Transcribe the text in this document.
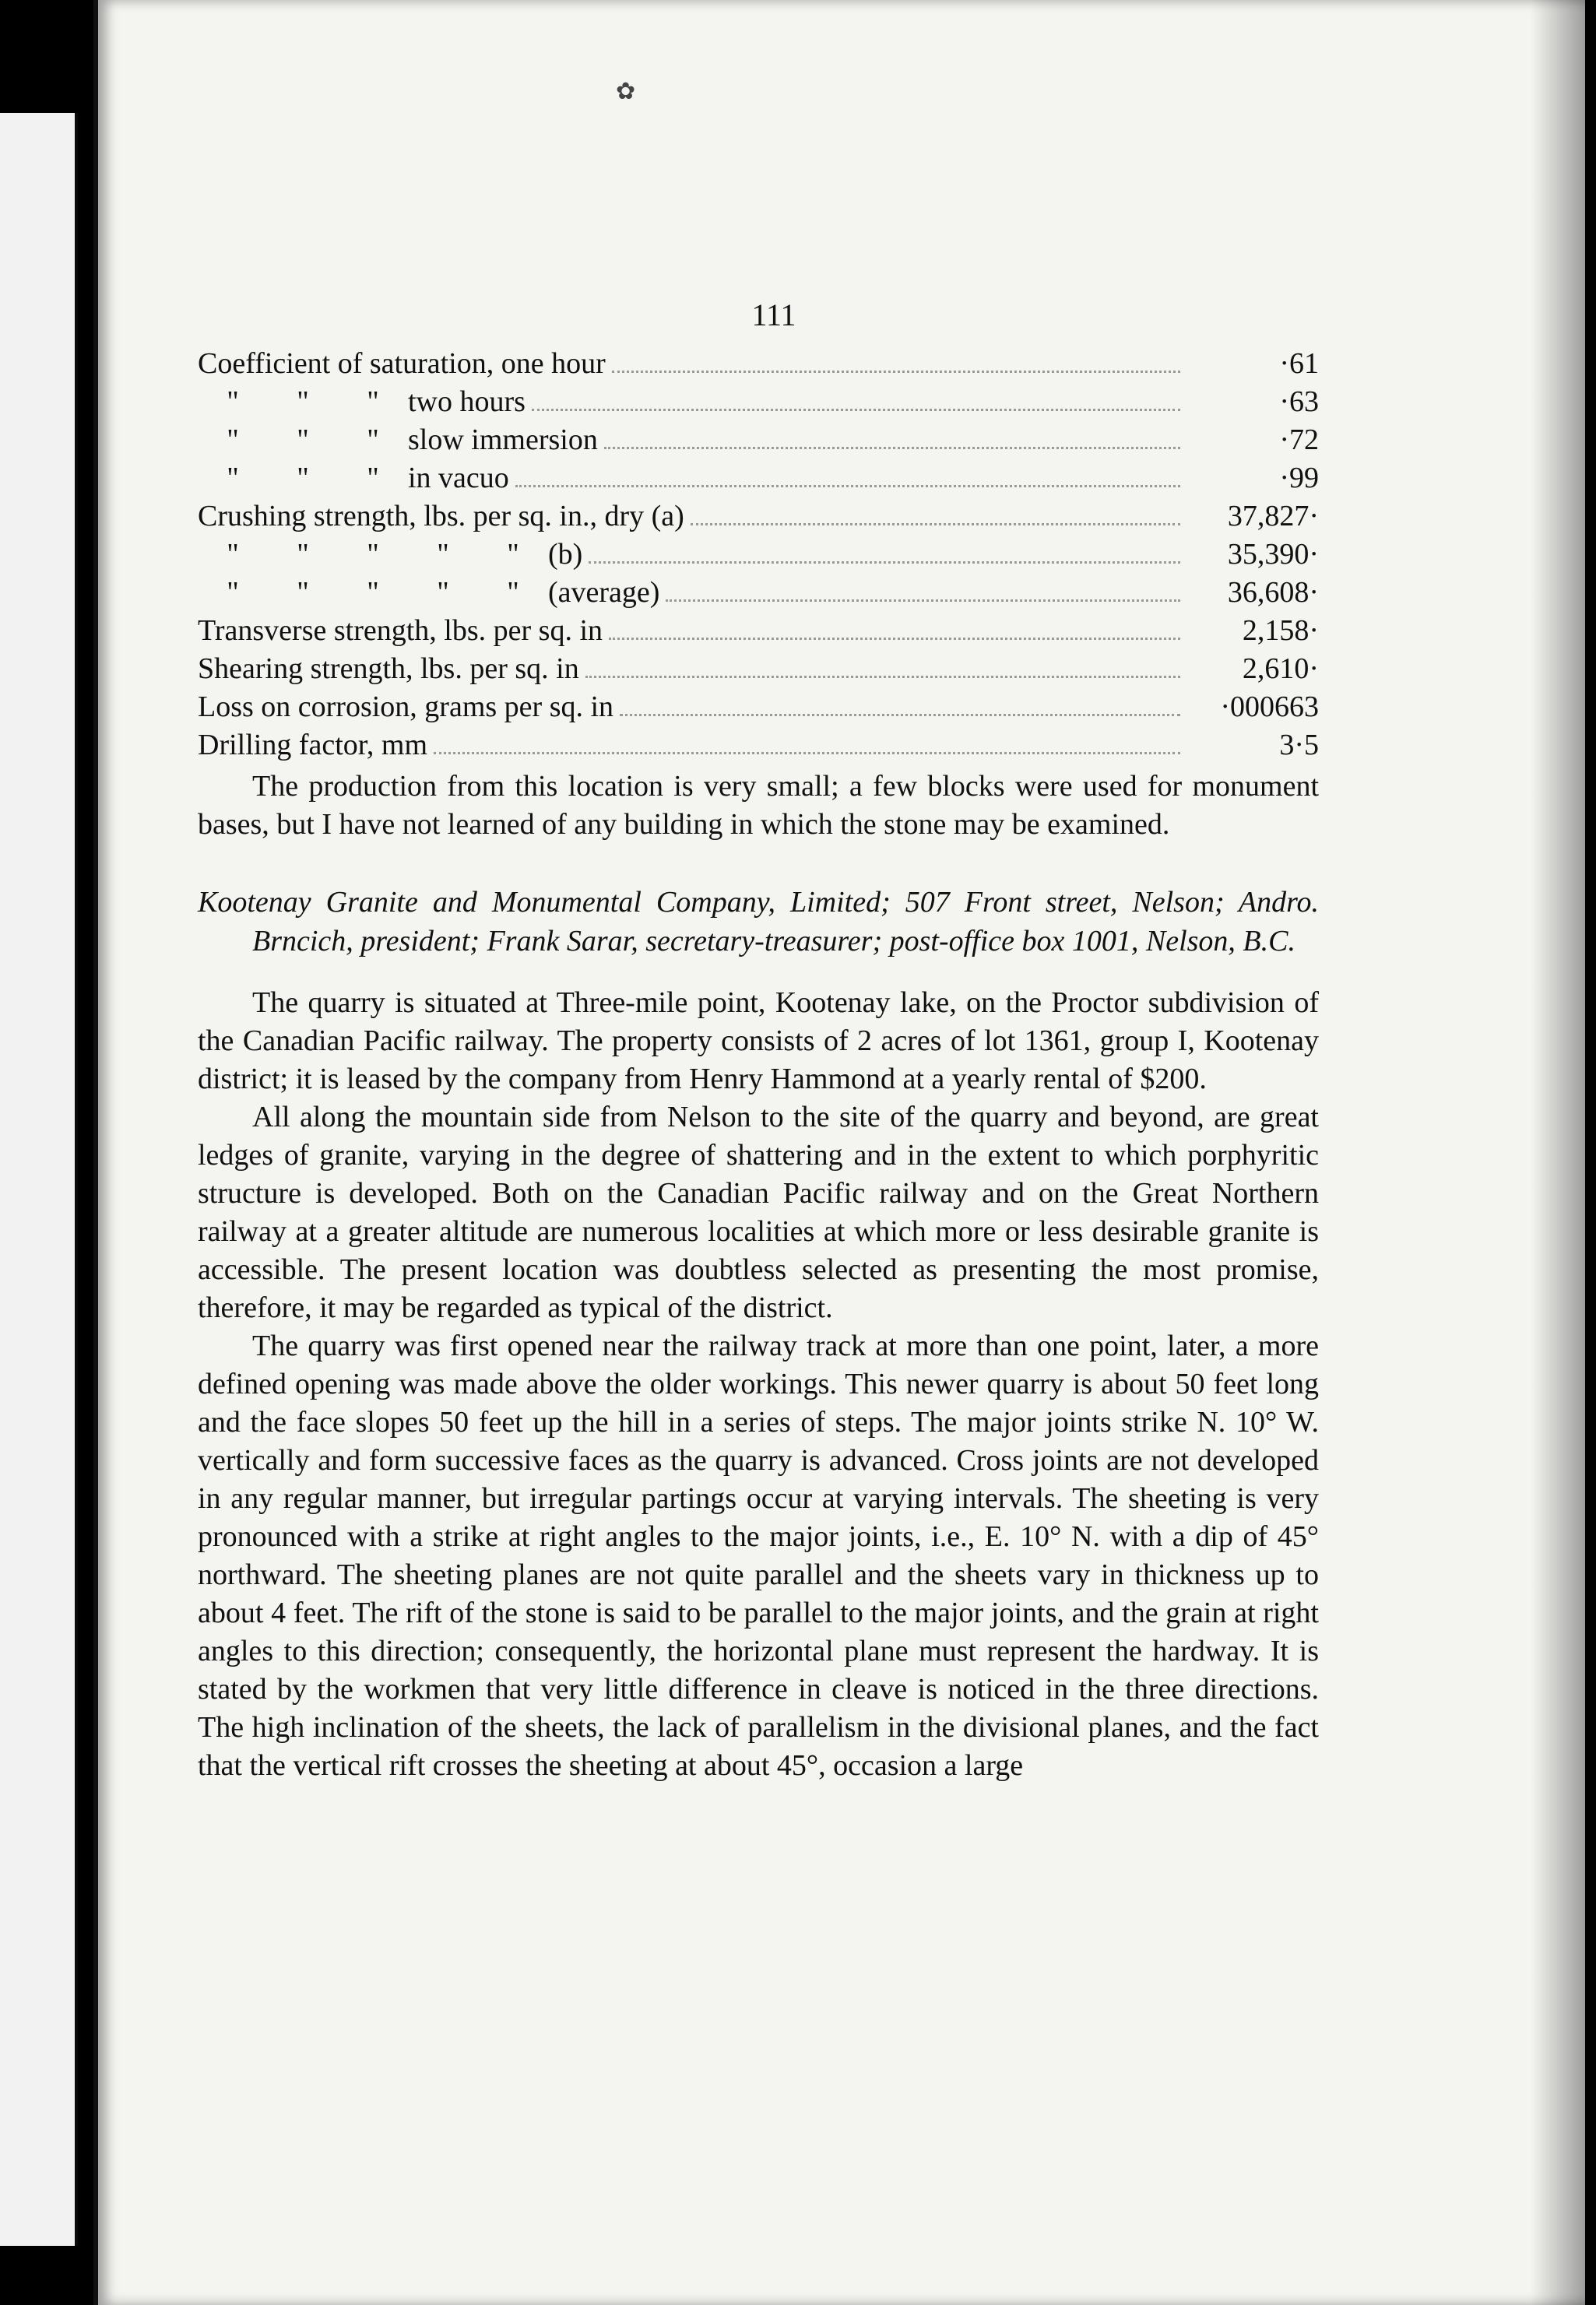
✿
111
Coefficient of saturation, one hour	·61
" " " two hours	·63
" " " slow immersion	·72
" " " in vacuo	·99
Crushing strength, lbs. per sq. in., dry (a)	37,827·
" " " " " (b)	35,390·
" " " " " (average)	36,608·
Transverse strength, lbs. per sq. in	2,158·
Shearing strength, lbs. per sq. in	2,610·
Loss on corrosion, grams per sq. in	·000663
Drilling factor, mm	3·5

The production from this location is very small; a few blocks were used for monument bases, but I have not learned of any building in which the stone may be examined.

Kootenay Granite and Monumental Company, Limited; 507 Front street, Nelson; Andro. Brncich, president; Frank Sarar, secretary-treasurer; post-office box 1001, Nelson, B.C.

The quarry is situated at Three-mile point, Kootenay lake, on the Proctor subdivision of the Canadian Pacific railway. The property consists of 2 acres of lot 1361, group I, Kootenay district; it is leased by the company from Henry Hammond at a yearly rental of $200.

All along the mountain side from Nelson to the site of the quarry and beyond, are great ledges of granite, varying in the degree of shattering and in the extent to which porphyritic structure is developed. Both on the Canadian Pacific railway and on the Great Northern railway at a greater altitude are numerous localities at which more or less desirable granite is accessible. The present location was doubtless selected as presenting the most promise, therefore, it may be regarded as typical of the district.

The quarry was first opened near the railway track at more than one point, later, a more defined opening was made above the older workings. This newer quarry is about 50 feet long and the face slopes 50 feet up the hill in a series of steps. The major joints strike N. 10° W. vertically and form successive faces as the quarry is advanced. Cross joints are not developed in any regular manner, but irregular partings occur at varying intervals. The sheeting is very pronounced with a strike at right angles to the major joints, i.e., E. 10° N. with a dip of 45° northward. The sheeting planes are not quite parallel and the sheets vary in thickness up to about 4 feet. The rift of the stone is said to be parallel to the major joints, and the grain at right angles to this direction; consequently, the horizontal plane must represent the hardway. It is stated by the workmen that very little difference in cleave is noticed in the three directions. The high inclination of the sheets, the lack of parallelism in the divisional planes, and the fact that the vertical rift crosses the sheeting at about 45°, occasion a large
